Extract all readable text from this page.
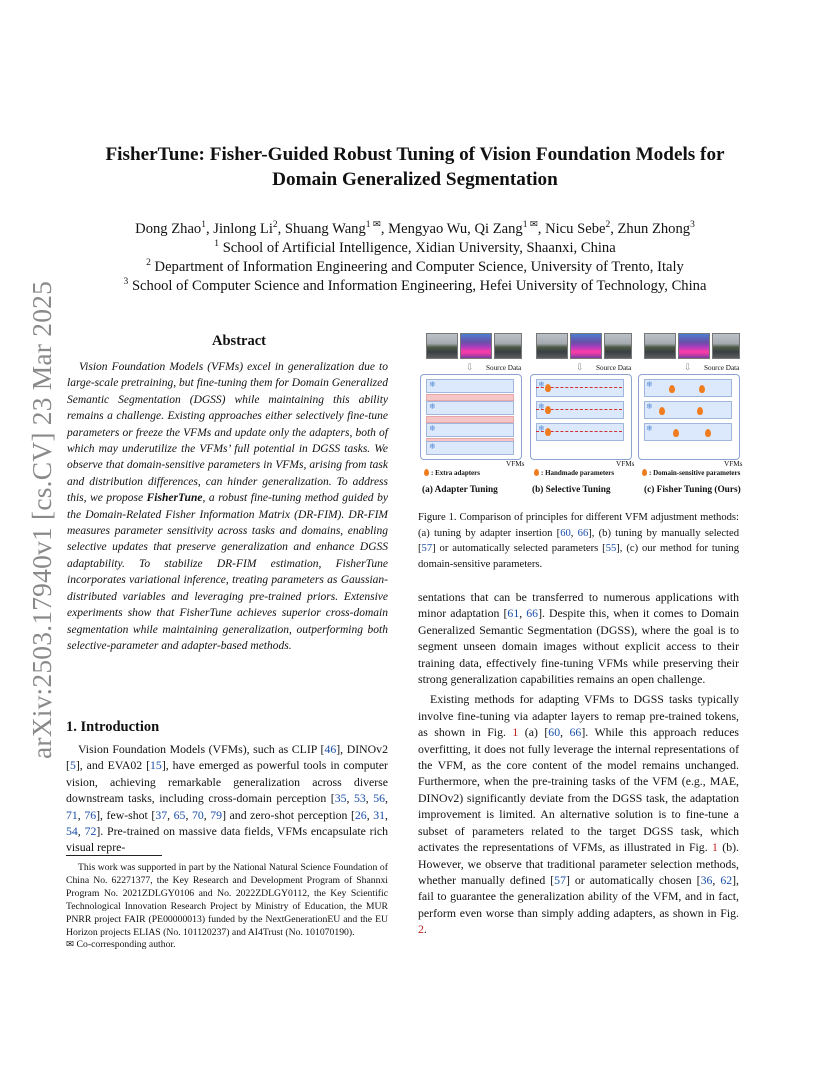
arXiv:2503.17940v1 [cs.CV] 23 Mar 2025
FisherTune: Fisher-Guided Robust Tuning of Vision Foundation Models for
Domain Generalized Segmentation
Dong Zhao$^1$, Jinlong Li$^2$, Shuang Wang$^{1 ✉}$, Mengyao Wu, Qi Zang$^{1 ✉}$, Nicu Sebe$^2$, Zhun Zhong$^3$
$^1$ School of Artificial Intelligence, Xidian University, Shaanxi, China
$^2$ Department of Information Engineering and Computer Science, University of Trento, Italy
$^3$ School of Computer Science and Information Engineering, Hefei University of Technology, China
Abstract
Vision Foundation Models (VFMs) excel in generalization due to large-scale pretraining, but fine-tuning them for Domain Generalized Semantic Segmentation (DGSS) while maintaining this ability remains a challenge. Existing approaches either selectively fine-tune parameters or freeze the VFMs and update only the adapters, both of which may underutilize the VFMs’ full potential in DGSS tasks. We observe that domain-sensitive parameters in VFMs, arising from task and distribution differences, can hinder generalization. To address this, we propose FisherTune, a robust fine-tuning method guided by the Domain-Related Fisher Information Matrix (DR-FIM). DR-FIM measures parameter sensitivity across tasks and domains, enabling selective updates that preserve generalization and enhance DGSS adaptability. To stabilize DR-FIM estimation, FisherTune incorporates variational inference, treating parameters as Gaussian-distributed variables and leveraging pre-trained priors. Extensive experiments show that FisherTune achieves superior cross-domain segmentation while maintaining generalization, outperforming both selective-parameter and adapter-based methods.
1. Introduction

Vision Foundation Models (VFMs), such as CLIP [46], DINOv2 [5], and EVA02 [15], have emerged as powerful tools in computer vision, achieving remarkable generalization across diverse downstream tasks, including cross-domain perception [35, 53, 56, 71, 76], few-shot [37, 65, 70, 79] and zero-shot perception [26, 31, 54, 72]. Pre-trained on massive data fields, VFMs encapsulate rich visual repre-

This work was supported in part by the National Natural Science Foundation of China No. 62271377, the Key Research and Development Program of Shannxi Program No. 2021ZDLGY0106 and No. 2022ZDLGY0112, the Key Scientific Technological Innovation Research Project by Ministry of Education, the MUR PNRR project FAIR (PE00000013) funded by the NextGenerationEU and the EU Horizon projects ELIAS (No. 101120237) and AI4Trust (No. 101070190).

✉ Co-corresponding author.

⇩ Source Data
❄
❄
❄
❄
VFMs
: Extra adapters
(a) Adapter Tuning
⇩ Source Data
❄
❄
❄
VFMs
: Handmade parameters
(b) Selective Tuning
⇩ Source Data
❄
❄
❄
VFMs
: Domain-sensitive parameters
(c) Fisher Tuning (Ours)
Figure 1. Comparison of principles for different VFM adjustment methods: (a) tuning by adapter insertion [60, 66], (b) tuning by manually selected [57] or automatically selected parameters [55], (c) our method for tuning domain-sensitive parameters.

sentations that can be transferred to numerous applications with minor adaptation [61, 66]. Despite this, when it comes to Domain Generalized Semantic Segmentation (DGSS), where the goal is to segment unseen domain images without explicit access to their training data, effectively fine-tuning VFMs while preserving their strong generalization capabilities remains an open challenge.

Existing methods for adapting VFMs to DGSS tasks typically involve fine-tuning via adapter layers to remap pre-trained tokens, as shown in Fig. 1 (a) [60, 66]. While this approach reduces overfitting, it does not fully leverage the internal representations of the VFM, as the core content of the model remains unchanged. Furthermore, when the pre-training tasks of the VFM (e.g., MAE, DINOv2) significantly deviate from the DGSS task, the adaptation improvement is limited. An alternative solution is to fine-tune a subset of parameters related to the target DGSS task, which activates the representations of VFMs, as illustrated in Fig. 1 (b). However, we observe that traditional parameter selection methods, whether manually defined [57] or automatically chosen [36, 62], fail to guarantee the generalization ability of the VFM, and in fact, perform even worse than simply adding adapters, as shown in Fig. 2.
